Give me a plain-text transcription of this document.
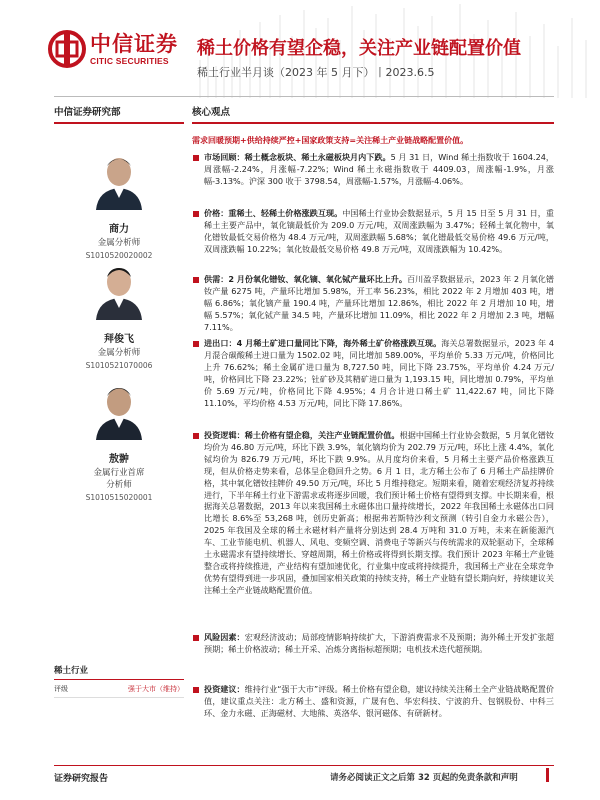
中信证券
CITIC SECURITIES
稀土价格有望企稳，关注产业链配置价值
稀土行业半月谈（2023 年 5 月下）丨2023.6.5
中信证券研究部
商力
金属分析师
S1010520020002
拜俊飞
金属分析师
S1010521070006
敖翀
金属行业首席
分析师
S1010515020001
稀土行业
评级	强于大市（维持）
核心观点
需求回暖预期+供给持续严控+国家政策支持=关注稀土产业链战略配置价值。
市场回顾：稀土概念板块、稀土永磁板块月内下跌。5 月 31 日，Wind 稀土指数收于 1604.24，周涨幅-2.24%，月涨幅-7.22%；Wind 稀土永磁指数收于 4409.03，周涨幅-1.9%，月涨幅-3.13%。沪深 300 收于 3798.54，周涨幅-1.57%，月涨幅-4.06%。
价格：重稀土、轻稀土价格涨跌互现。中国稀土行业协会数据显示，5 月 15 日至 5 月 31 日，重稀土主要产品中，氧化镝最低价为 209.0 万元/吨，双周涨跌幅为 3.47%；轻稀土氧化物中，氧化镨钕最低交易价格为 48.4 万元/吨，双周涨跌幅 5.68%；氧化镨最低交易价格 49.6 万元/吨，双周涨跌幅 10.22%；氧化钕最低交易价格 49.8 万元/吨，双周涨跌幅为 10.42%。
供需：2 月份氧化镨钕、氧化镝、氧化铽产量环比上升。百川盈孚数据显示，2023 年 2 月氧化镨钕产量 6275 吨，产量环比增加 5.98%，开工率 56.23%，相比 2022 年 2 月增加 403 吨，增幅 6.86%；氧化镝产量 190.4 吨，产量环比增加 12.86%，相比 2022 年 2 月增加 10 吨，增幅 5.57%；氧化铽产量 34.5 吨，产量环比增加 11.09%，相比 2022 年 2 月增加 2.3 吨，增幅 7.11%。
进出口：4 月稀土矿进口量同比下降，海外稀土矿价格涨跌互现。海关总署数据显示，2023 年 4 月混合碳酸稀土进口量为 1502.02 吨，同比增加 589.00%，平均单价 5.33 万元/吨，价格同比上升 76.62%；稀土金属矿进口量为 8,727.50 吨，同比下降 23.75%，平均单价 4.24 万元/吨，价格同比下降 23.22%；钍矿砂及其精矿进口量为 1,193.15 吨，同比增加 0.79%，平均单价 5.69 万元/吨，价格同比下降 4.95%；4 月合计进口稀土矿 11,422.67 吨，同比下降 11.10%，平均价格 4.53 万元/吨，同比下降 17.86%。
投资逻辑：稀土价格有望企稳，关注产业链配置价值。根据中国稀土行业协会数据，5 月氧化镨钕均价为 46.80 万元/吨，环比下跌 3.9%，氧化镝均价为 202.79 万元/吨，环比上涨 4.4%，氧化铽均价为 826.79 万元/吨，环比下跌 9.9%。从月度均价来看，5 月稀土主要产品价格涨跌互现，但从价格走势来看，总体呈企稳回升之势。6 月 1 日，北方稀土公布了 6 月稀土产品挂牌价格，其中氧化镨钕挂牌价 49.50 万元/吨，环比 5 月维持稳定。短期来看，随着宏观经济复苏持续进行，下半年稀土行业下游需求或将逐步回暖，我们预计稀土价格有望得到支撑。中长期来看，根据海关总署数据，2013 年以来我国稀土永磁体出口量持续增长，2022 年我国稀土永磁体出口同比增长 8.6%至 53,268 吨，创历史新高；根据弗若斯特沙利文预测（转引自金力永磁公告），2025 年我国及全球的稀土永磁材料产量将分别达到 28.4 万吨和 31.0 万吨，未来在新能源汽车、工业节能电机、机器人、风电、变频空调、消费电子等新兴与传统需求的双轮驱动下，全球稀土永磁需求有望持续增长、穿越周期，稀土价格或将得到长期支撑。我们预计 2023 年稀土产业链整合或将持续推进，产业结构有望加速优化，行业集中度或将持续提升，我国稀土产业在全球竞争优势有望得到进一步巩固，叠加国家相关政策的持续支持，稀土产业链有望长期向好，持续建议关注稀土全产业链战略配置价值。
风险因素：宏观经济波动；局部疫情影响持续扩大，下游消费需求不及预期；海外稀土开发扩张超预期；稀土价格波动；稀土开采、冶炼分离指标超预期；电机技术迭代超预期。
投资建议：维持行业“强于大市”评级。稀土价格有望企稳，建议持续关注稀土全产业链战略配置价值，建议重点关注：北方稀土、盛和资源，广晟有色、华宏科技、宁波韵升、包钢股份、中科三环、金力永磁、正海磁材、大地熊、英洛华、银河磁体、有研新材。
证券研究报告	请务必阅读正文之后第 32 页起的免责条款和声明
